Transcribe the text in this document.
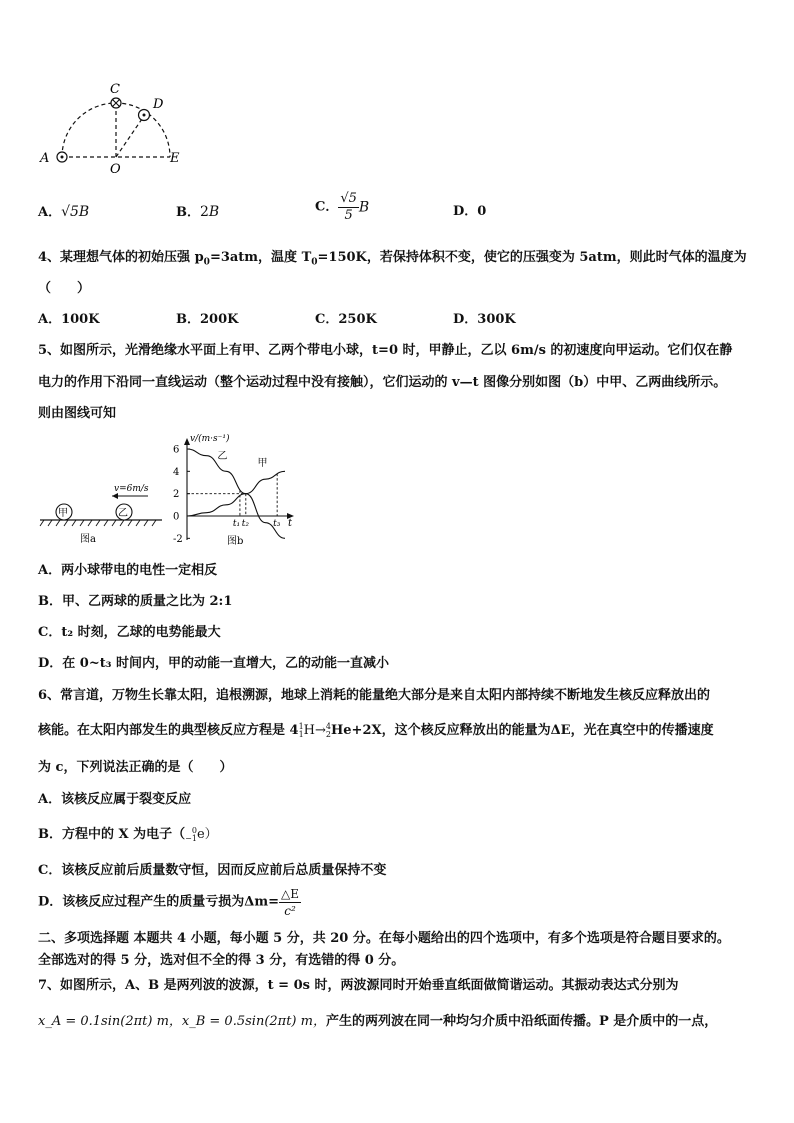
A
C
D
E
O
A．√5B	B．2B	C． $\frac{√5}{5}$ B	D．0
4、某理想气体的初始压强 $p_0=3atm$，温度 $T_0=150K$，若保持体积不变，使它的压强变为 5atm，则此时气体的温度为
（　　）
A．100K	B．200K	C．250K	D．300K
5、如图所示，光滑绝缘水平面上有甲、乙两个带电小球，t=0 时，甲静止，乙以 6m/s 的初速度向甲运动。它们仅在静
电力的作用下沿同一直线运动（整个运动过程中没有接触），它们运动的 v—t 图像分别如图（b）中甲、乙两曲线所示。
则由图线可知
甲	乙
v=6m/s
图a
v/(m·s⁻¹)
t
6
4
2
0
-2
甲
乙
t₁ t₂	t₃
图b
A．两小球带电的电性一定相反
B．甲、乙两球的质量之比为 2:1
C．t₂ 时刻，乙球的电势能最大
D．在 0~t₃ 时间内，甲的动能一直增大，乙的动能一直减小
6、常言道，万物生长靠太阳，追根溯源，地球上消耗的能量绝大部分是来自太阳内部持续不断地发生核反应释放出的
核能。在太阳内部发生的典型核反应方程是 41
1H→4
2He+2X，这个核反应释放出的能量为ΔE，光在真空中的传播速度
为 c，下列说法正确的是（　　）
A．该核反应属于裂变反应
B．方程中的 X 为电子（ 0
−1e）
C．该核反应前后质量数守恒，因而反应前后总质量保持不变
D．该核反应过程产生的质量亏损为$\Delta m= \frac{\triangle E}{\text{c²}}$
二、多项选择题 本题共 4 小题，每小题 5 分，共 20 分。在每小题给出的四个选项中，有多个选项是符合题目要求的。
全部选对的得 5 分，选对但不全的得 3 分，有选错的得 0 分。
7、如图所示，A、B 是两列波的波源，t = 0s 时，两波源同时开始垂直纸面做简谐运动。其振动表达式分别为
x_A = 0.1sin(2πt) m，x_B = 0.5sin(2πt) m，产生的两列波在同一种均匀介质中沿纸面传播。P 是介质中的一点，
